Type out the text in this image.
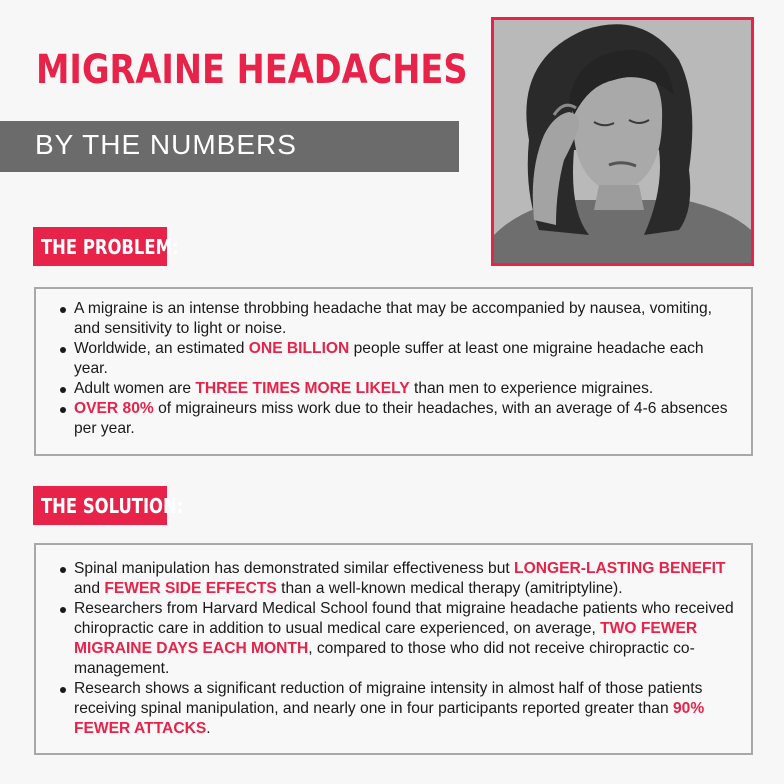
MIGRAINE HEADACHES
BY THE NUMBERS
THE PROBLEM:
A migraine is an intense throbbing headache that may be accompanied by nausea, vomiting, and sensitivity to light or noise.
Worldwide, an estimated ONE BILLION people suffer at least one migraine headache each year.
Adult women are THREE TIMES MORE LIKELY than men to experience migraines.
OVER 80% of migraineurs miss work due to their headaches, with an average of 4-6 absences per year.
THE SOLUTION:
Spinal manipulation has demonstrated similar effectiveness but LONGER-LASTING BENEFIT and FEWER SIDE EFFECTS than a well-known medical therapy (amitriptyline).
Researchers from Harvard Medical School found that migraine headache patients who received chiropractic care in addition to usual medical care experienced, on average, TWO FEWER MIGRAINE DAYS EACH MONTH, compared to those who did not receive chiropractic co-management.
Research shows a significant reduction of migraine intensity in almost half of those patients receiving spinal manipulation, and nearly one in four participants reported greater than 90% FEWER ATTACKS.
